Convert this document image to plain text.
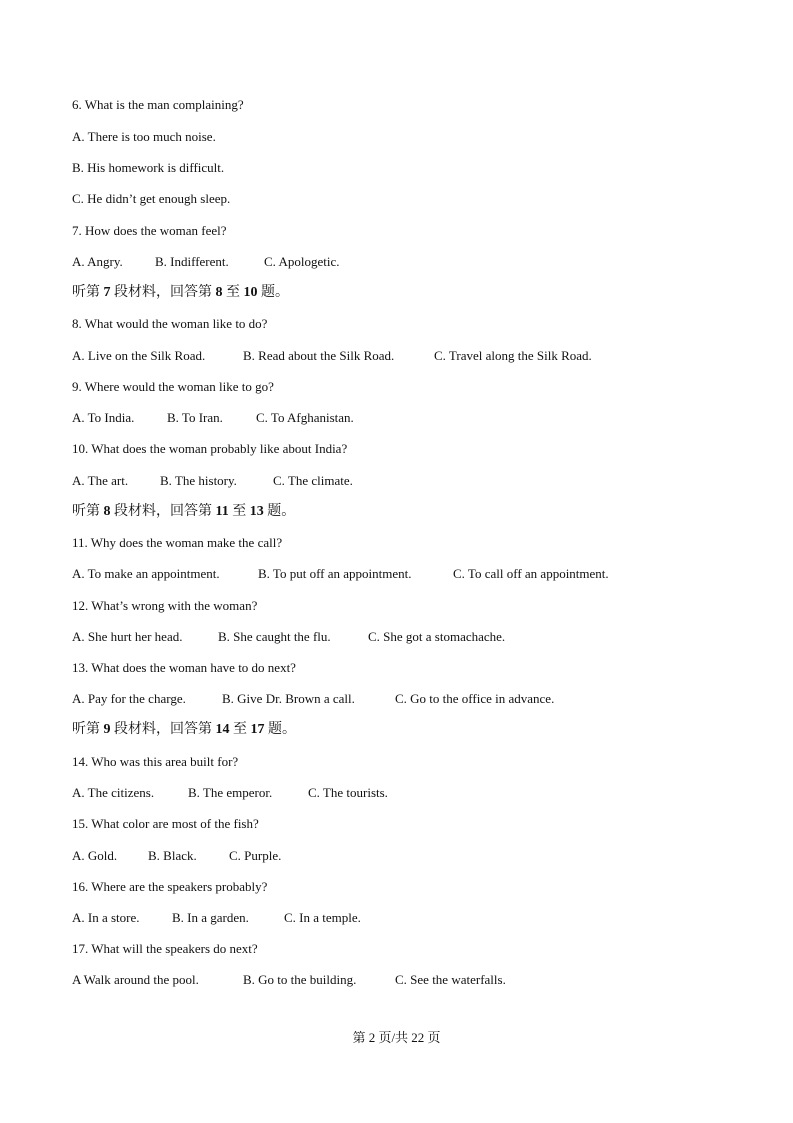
6. What is the man complaining?
A. There is too much noise.
B. His homework is difficult.
C. He didn’t get enough sleep.
7. How does the woman feel?
A. Angry.	B. Indifferent.	C. Apologetic.
听第 7 段材料，回答第 8 至 10 题。
8. What would the woman like to do?
A. Live on the Silk Road.	B. Read about the Silk Road.	C. Travel along the Silk Road.
9. Where would the woman like to go?
A. To India.	B. To Iran.	C. To Afghanistan.
10. What does the woman probably like about India?
A. The art.	B. The history.	C. The climate.
听第 8 段材料，回答第 11 至 13 题。
11. Why does the woman make the call?
A. To make an appointment.	B. To put off an appointment.	C. To call off an appointment.
12. What’s wrong with the woman?
A. She hurt her head.	B. She caught the flu.	C. She got a stomachache.
13. What does the woman have to do next?
A. Pay for the charge.	B. Give Dr. Brown a call.	C. Go to the office in advance.
听第 9 段材料，回答第 14 至 17 题。
14. Who was this area built for?
A. The citizens.	B. The emperor.	C. The tourists.
15. What color are most of the fish?
A. Gold.	B. Black.	C. Purple.
16. Where are the speakers probably?
A. In a store.	B. In a garden.	C. In a temple.
17. What will the speakers do next?
A Walk around the pool.	B. Go to the building.	C. See the waterfalls.
第 2 页/共 22 页
